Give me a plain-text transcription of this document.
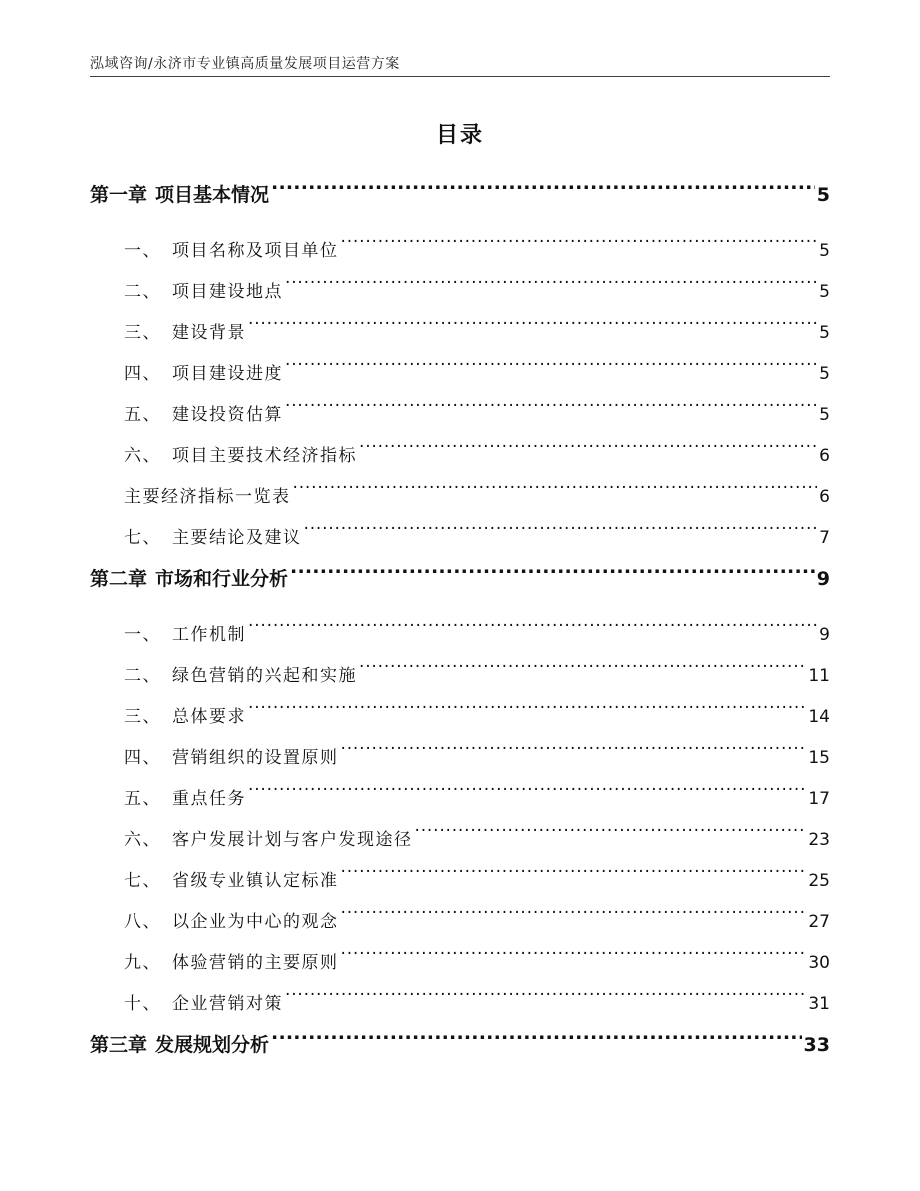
泓域咨询/永济市专业镇高质量发展项目运营方案
目录
第一章 项目基本情况 .....	5
一、 项目名称及项目单位 .....	5
二、 项目建设地点 .....	5
三、 建设背景 .....	5
四、 项目建设进度 .....	5
五、 建设投资估算 .....	5
六、 项目主要技术经济指标 .....	6
主要经济指标一览表 .....	6
七、 主要结论及建议 .....	7
第二章 市场和行业分析 .....	9
一、 工作机制 .....	9
二、 绿色营销的兴起和实施 .....	11
三、 总体要求 .....	14
四、 营销组织的设置原则 .....	15
五、 重点任务 .....	17
六、 客户发展计划与客户发现途径 .....	23
七、 省级专业镇认定标准 .....	25
八、 以企业为中心的观念 .....	27
九、 体验营销的主要原则 .....	30
十、 企业营销对策 .....	31
第三章 发展规划分析 .....	33
